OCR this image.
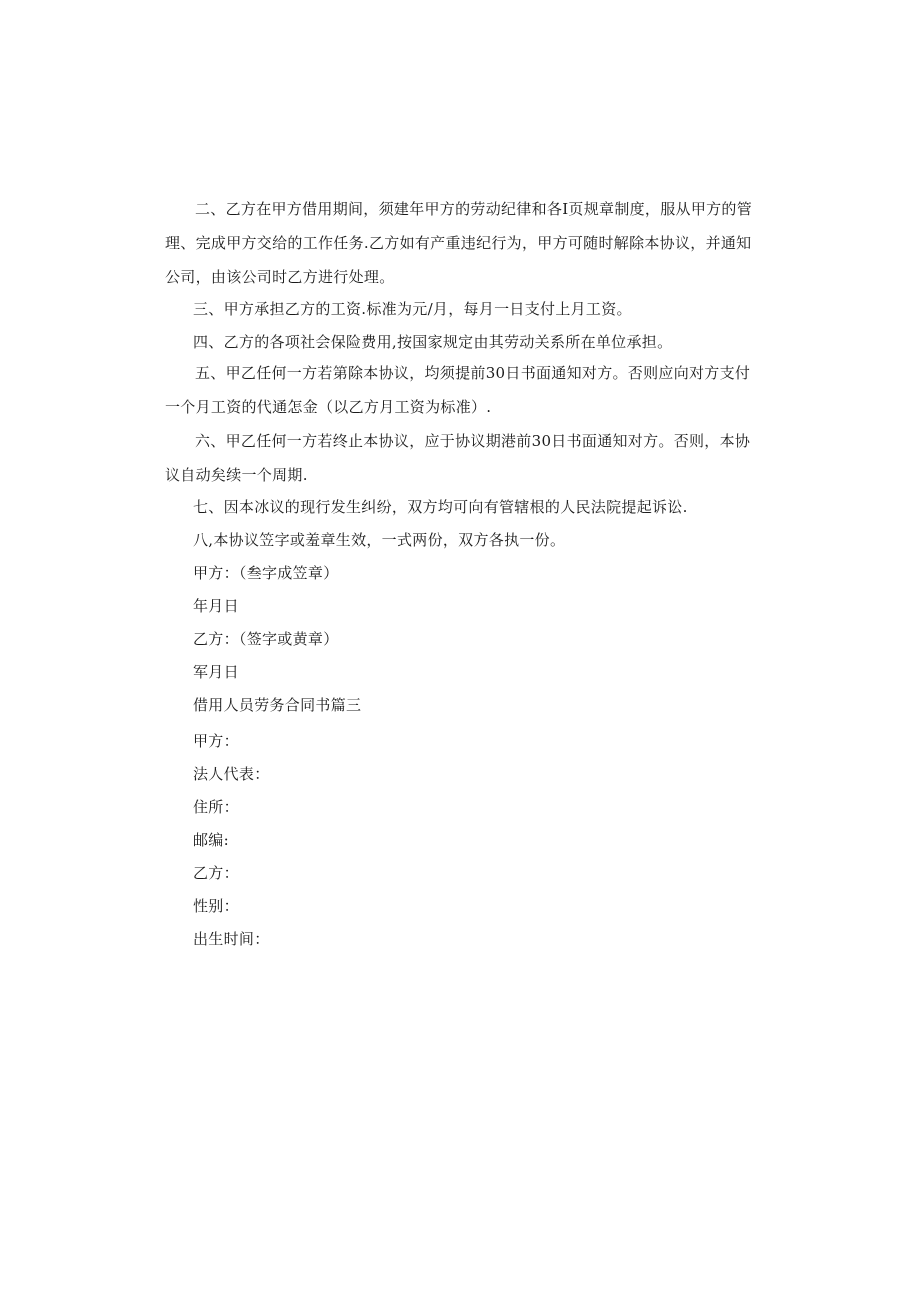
二、乙方在甲方借用期间，须建年甲方的劳动纪律和各I页规章制度，服从甲方的管
理、完成甲方交给的工作任务.乙方如有产重违纪行为，甲方可随时解除本协议，并通知
公司，由该公司时乙方进行处理。
三、甲方承担乙方的工资.标准为元/月，每月一日支付上月工资。
四、乙方的各项社会保险费用,按国家规定由其劳动关系所在单位承担。
五、甲乙任何一方若第除本协议，均须提前30日书面通知对方。否则应向对方支付
一个月工资的代通怎金（以乙方月工资为标准）.
六、甲乙任何一方若终止本协议，应于协议期港前30日书面通知对方。否则，本协
议自动矣续一个周期.
七、因本冰议的现行发生纠纷，双方均可向有管辖根的人民法院提起诉讼.
八,本协议笠字或羞章生效，一式两份，双方各执一份。
甲方：（叁字成笠章）
年月日
乙方：（签字或黄章）
军月日
借用人员劳务合同书篇三
甲方：
法人代表：
住所：
邮编:
乙方：
性别：
出生时间：
